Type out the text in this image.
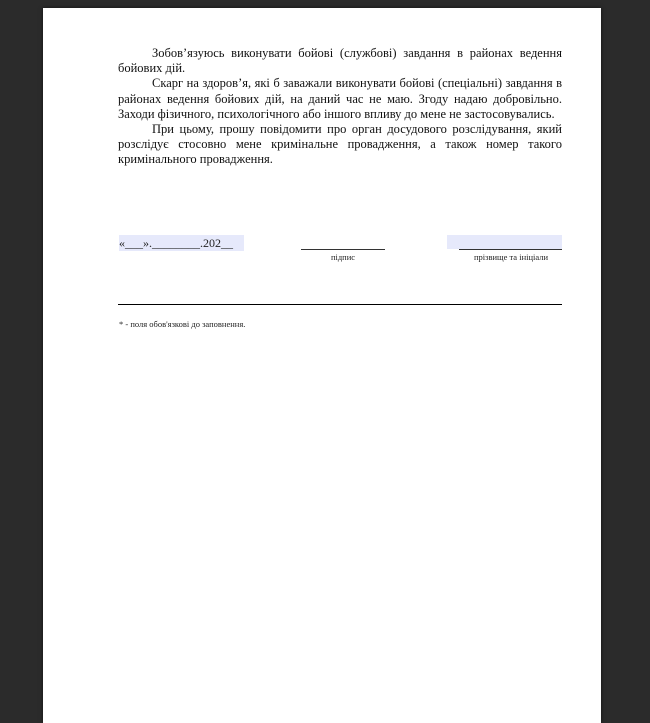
Зобов’язуюсь виконувати бойові (службові) завдання в районах ведення бойових дій.

Скарг на здоров’я, які б заважали виконувати бойові (спеціальні) завдання в районах ведення бойових дій, на даний час не маю. Згоду надаю добровільно. Заходи фізичного, психологічного або іншого впливу до мене не застосовувались.

При цьому, прошу повідомити про орган досудового розслідування, який розслідує стосовно мене кримінальне провадження, а також номер такого кримінального провадження.

«___».________.202__
підпис	прізвище та ініціали
* - поля обов'язкові до заповнення.
